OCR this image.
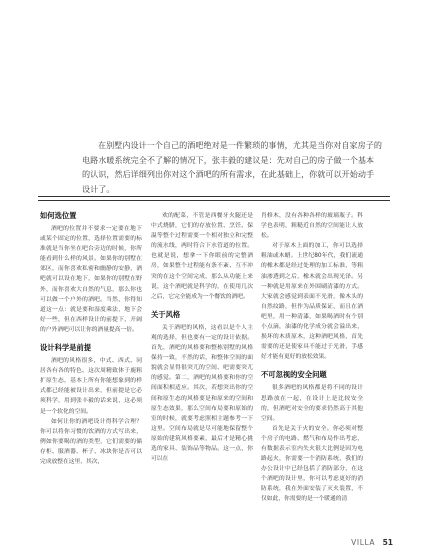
在别墅内设计一个自己的酒吧绝对是一件繁琐的事情，尤其是当你对自家房子的电路水暖系统完全不了解的情况下，张丰毅的建议是：先对自己的房子做一个基本的认识，然后详细列出你对这个酒吧的所有需求，在此基础上，你就可以开始动手设计了。

如何选位置

酒吧的位置并不要求一定要在地下或某个固定的位置，选择位置需要的标准就是当你坐在吧台旁边的时候，你所能看到什么样的风景。如果你的别墅在郊区，而你喜欢私密和幽静的安静，酒吧就可以设在地下，如果你的别墅在野外，而你喜欢大自然的气息，那么你也可以做一个户外的酒吧。当然，你得知道这一点：就是要和湿度乘法，地下会好一些，但在西样设计的前提下，开阔的户外酒吧可以让你的酒量提高一倍。

设计科学是前提

酒吧的风格很多，中式、西式、同居各有各的特色。这次周精致体于鹿粗扩原生态，基本上所有你能想象到的样式都已经能被设计出来，但前提是它必须科学，用到张丰毅的话来说，这必须是一个软化的空间。

如何让你的酒吧设计得科学合理？你可以将你习惯的饮酒的方式写出来，例如你要喝的酒的类型，它们需要的储存柜、服酒器、杯子、冰块你是否可以完成放整在这里，其次，

欢的配菜，不管是西餐牙火腿还是中式烧腊，它们的存放位置、烹饪、保温等整个过程需要一个相对独立和完整的流水线，两时符合下水管道的位置。也就是说，想拿一下你眼前的完整酒房，如果整个过程能有条不紊、互不冲突的在这个空间完成，那么从功能上来说，这个酒吧就是科学的，在使用几次之后，它完全能成为一个餐饮的酒吧。

关于风格

关于酒吧的风格，这看以是个人主观的选择，但也要有一定的设计依据。首先，酒吧的风格要和整栋别墅的风格保持一致，不然的话，和整体空间的面貌就会显得很突兀的空间、吧需要突兀的感觉。第二，酒吧的风格要和你的空间面积相适应。其次，若想突出你的空间和原生态的风格要是和原来的空间和原生态效果，那么空间布局要和原始的室的时候，就要考虑照相主题参考一下这里。空间布局就是尽可能地保留整个原始的建筑风格要素，最后才是精心挑选的家具、装饰品等物品。这一点，你可以在

肖修木，没有各种各样的玻璃瓶子。科学也表明，粗糙近自然的空间能让人放松。

对于原木上面的加工，你可以选择粗油或木蜡。上世纪80年代，我们流通的橡木都是经过处理的加工标准，等粗油渗透到之后，橡木就会出现光泽。另一种就是用原来在外围刷清漆的方式。大家就会感觉到表面不光滑，像木头的自然纹路，但作为品质保证，而且在酒吧里，用一种清漆，如果喝酒时有个别小点滴，油漆的化学成分就会溢出来，损坏的木质原木，这种酒吧风格，首先需要的还是使家具不能过于光滑，手感好才能有更好的放松效果。

不可忽视的安全问题

很多酒吧的风格都是将不同的设计思路放在一起，在设计上是比较安全的，但酒吧对安全的要求仍然高于其他空间。

首先是关于火的安全。你必须对整个房子的电路、燃气和布局作出考虑，有数据表示室内失火很大比例是因为电路起火，你需要一个消防系统，我们的办公设计中已经包括了消防部分，在这个酒吧的设计里，你可以考虑更好的消防系统，我在外面安装了灭火装置，不仅如此，你需要的是一个暖通的清

VILLA 51
